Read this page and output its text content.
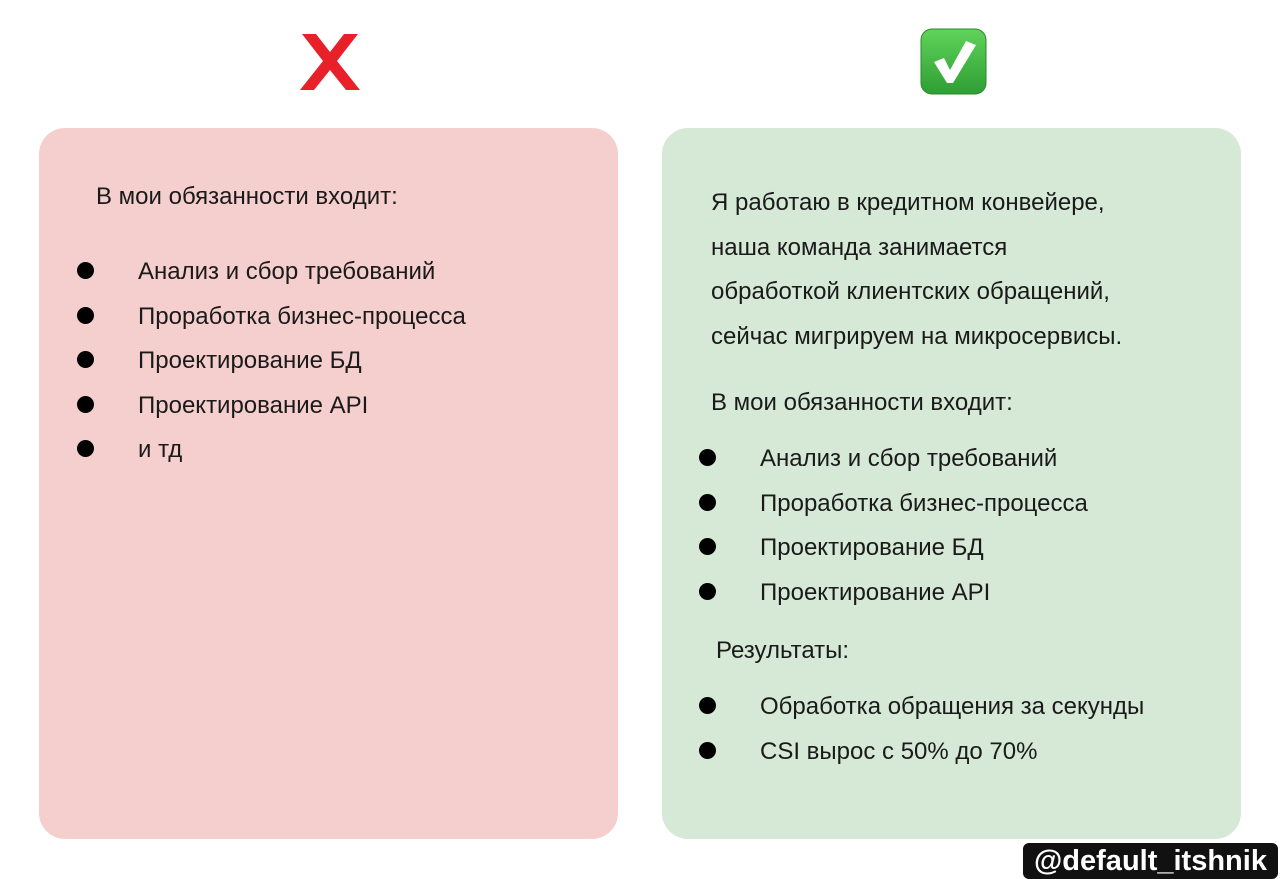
В мои обязанности входит:
Анализ и сбор требований
Проработка бизнес-процесса
Проектирование БД
Проектирование API
и тд

Я работаю в кредитном конвейере,
наша команда занимается
обработкой клиентских обращений,
сейчас мигрируем на микросервисы.

В мои обязанности входит:
Анализ и сбор требований
Проработка бизнес-процесса
Проектирование БД
Проектирование API
Результаты:
Обработка обращения за секунды
CSI вырос с 50% до 70%
@default_itshnik
